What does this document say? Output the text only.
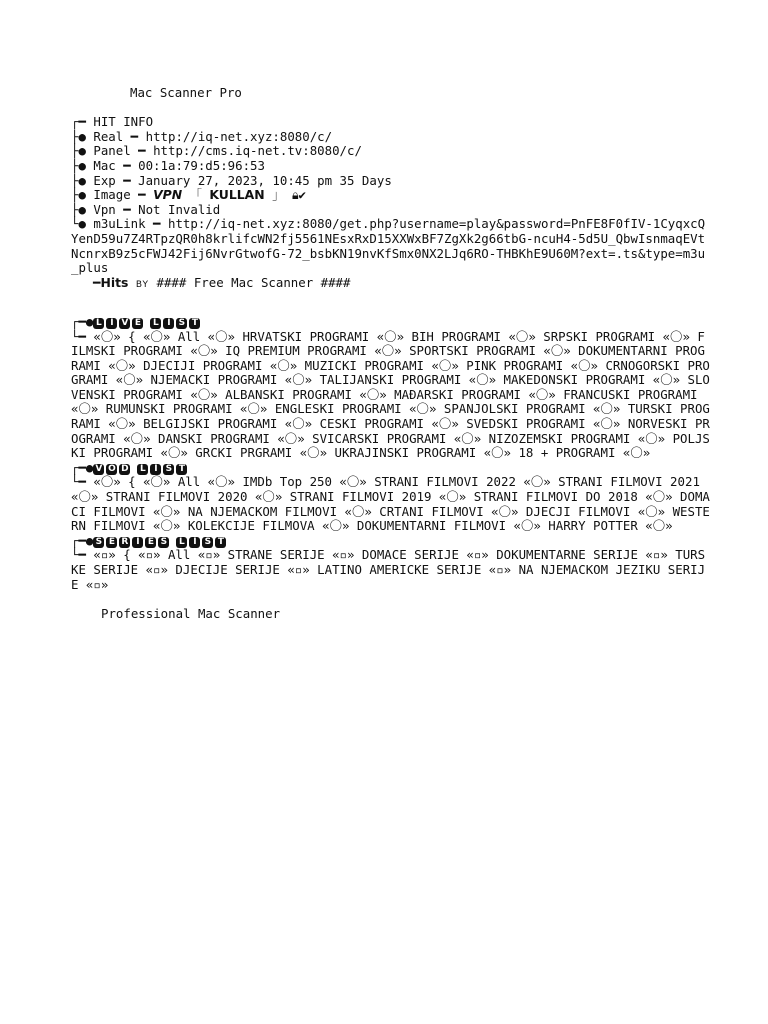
Mac Scanner Pro
┌━ HIT INFO
├● Real ━ http://iq-net.xyz:8080/c/
├● Panel ━ http://cms.iq-net.tv:8080/c/
├● Mac ━ 00:1a:79:d5:96:53
├● Exp ━ January 27, 2023, 10:45 pm 35 Days
├● Image ━ VPN 「 KULLAN 」 🔒︎✔
├● Vpn ━ Not Invalid
└● m3uLink ━ http://iq-net.xyz:8080/get.php?username=play&password=PnFE8F0fIV-1CyqxcQYenD59u7Z4RTpzQR0h8krlifcWN2fj5561NEsxRxD15XXWxBF7ZgXk2g66tbG-ncuH4-5d5U_QbwIsnmaqEVtNcnrxB9z5cFWJ42Fij6NvrGtwofG-72_bsbKN19nvKfSmx0NX2LJq6RO-THBKhE9U60M?ext=.ts&type=m3u_plus
━Hits BY #### Free Mac Scanner ####
┌━● L I V E L I S T
└━ «〇» { «〇» All «〇» HRVATSKI PROGRAMI «〇» BIH PROGRAMI «〇» SRPSKI PROGRAMI «〇» FILMSKI PROGRAMI «〇» IQ PREMIUM PROGRAMI «〇» SPORTSKI PROGRAMI «〇» DOKUMENTARNI PROGRAMI «〇» DJECIJI PROGRAMI «〇» MUZICKI PROGRAMI «〇» PINK PROGRAMI «〇» CRNOGORSKI PROGRAMI «〇» NJEMACKI PROGRAMI «〇» TALIJANSKI PROGRAMI «〇» MAKEDONSKI PROGRAMI «〇» SLOVENSKI PROGRAMI «〇» ALBANSKI PROGRAMI «〇» MAĐARSKI PROGRAMI «〇» FRANCUSKI PROGRAMI «〇» RUMUNSKI PROGRAMI «〇» ENGLESKI PROGRAMI «〇» SPANJOLSKI PROGRAMI «〇» TURSKI PROGRAMI «〇» BELGIJSKI PROGRAMI «〇» CESKI PROGRAMI «〇» SVEDSKI PROGRAMI «〇» NORVESKI PROGRAMI «〇» DANSKI PROGRAMI «〇» SVICARSKI PROGRAMI «〇» NIZOZEMSKI PROGRAMI «〇» POLJSKI PROGRAMI «〇» GRCKI PRGRAMI «〇» UKRAJINSKI PROGRAMI «〇» 18 + PROGRAMI «〇»
┌━● V O D L I S T
└━ «〇» { «〇» All «〇» IMDb Top 250 «〇» STRANI FILMOVI 2022 «〇» STRANI FILMOVI 2021 «〇» STRANI FILMOVI 2020 «〇» STRANI FILMOVI 2019 «〇» STRANI FILMOVI DO 2018 «〇» DOMACI FILMOVI «〇» NA NJEMACKOM FILMOVI «〇» CRTANI FILMOVI «〇» DJECJI FILMOVI «〇» WESTERN FILMOVI «〇» KOLEKCIJE FILMOVA «〇» DOKUMENTARNI FILMOVI «〇» HARRY POTTER «〇»
┌━● S E R I E S L I S T
└━ «▫» { «▫» All «▫» STRANE SERIJE «▫» DOMACE SERIJE «▫» DOKUMENTARNE SERIJE «▫» TURSKE SERIJE «▫» DJECIJE SERIJE «▫» LATINO AMERICKE SERIJE «▫» NA NJEMACKOM JEZIKU SERIJE «▫»
Professional Mac Scanner
